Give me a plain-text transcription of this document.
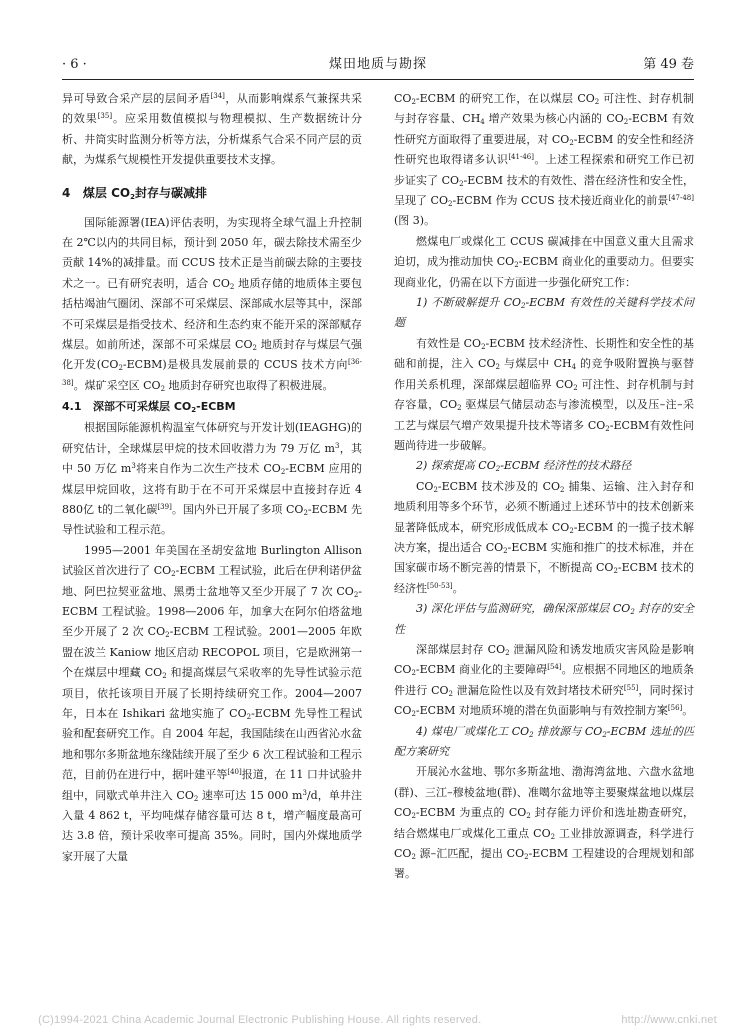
· 6 ·	煤田地质与勘探	第 49 卷

异可导致合采产层的层间矛盾[34]，从而影响煤系气兼探共采的效果[35]。应采用数值模拟与物理模拟、生产数据统计分析、井筒实时监测分析等方法，分析煤系气合采不同产层的贡献，为煤系气规模性开发提供重要技术支撑。

4 煤层 $CO_2$封存与碳减排

国际能源署(IEA)评估表明，为实现将全球气温上升控制在 2℃以内的共同目标，预计到 2050 年，碳去除技术需至少贡献 14%的减排量。而 CCUS 技术正是当前碳去除的主要技术之一。已有研究表明，适合 $CO_2$ 地质存储的地质体主要包括枯竭油气圈闭、深部不可采煤层、深部咸水层等其中，深部不可采煤层是指受技术、经济和生态约束不能开采的深部赋存煤层。如前所述，深部不可采煤层 $CO_2$ 地质封存与煤层气强化开发$(CO_2-ECBM)$是极具发展前景的 CCUS 技术方向[36-38]。煤矿采空区 $CO_2$ 地质封存研究也取得了积极进展。

4.1 深部不可采煤层 $CO_2$-ECBM

根据国际能源机构温室气体研究与开发计划(IEAGHG)的研究估计，全球煤层甲烷的技术回收潜力为 79 万亿 $m^3$，其中 50 万亿 $m^3$将来自作为二次生产技术 $CO_2$-ECBM 应用的煤层甲烷回收，这将有助于在不可开采煤层中直接封存近 4 880亿 t的二氧化碳[39]。国内外已开展了多项 $CO_2$-ECBM 先导性试验和工程示范。

1995—2001 年美国在圣胡安盆地 Burlington Allison 试验区首次进行了 $CO_2$-ECBM 工程试验，此后在伊利诺伊盆地、阿巴拉契亚盆地、黑勇士盆地等又至少开展了 7 次 $CO_2$-ECBM 工程试验。1998—2006 年，加拿大在阿尔伯塔盆地至少开展了 2 次 $CO_2$-ECBM 工程试验。2001—2005 年欧盟在波兰 Kaniow 地区启动 RECOPOL 项目，它是欧洲第一个在煤层中埋藏 $CO_2$ 和提高煤层气采收率的先导性试验示范项目，依托该项目开展了长期持续研究工作。2004—2007 年，日本在 Ishikari 盆地实施了 $CO_2$-ECBM 先导性工程试验和配套研究工作。自 2004 年起，我国陆续在山西省沁水盆地和鄂尔多斯盆地东缘陆续开展了至少 6 次工程试验和工程示范，目前仍在进行中，据叶建平等[40]报道，在 11 口井试验井组中，同歇式单井注入 $CO_2$ 速率可达 15 000 $m^3/d$，单井注入量 4 862 t，平均吨煤存储容量可达 8 t，增产幅度最高可达 3.8 倍，预计采收率可提高 35%。同时，国内外煤地质学家开展了大量

$CO_2$-ECBM 的研究工作，在以煤层 $CO_2$ 可注性、封存机制与封存容量、$CH_4$ 增产效果为核心内涵的 $CO_2$-ECBM 有效性研究方面取得了重要进展，对 $CO_2$-ECBM 的安全性和经济性研究也取得诸多认识[41-46]。上述工程探索和研究工作已初步证实了 $CO_2$-ECBM 技术的有效性、潜在经济性和安全性，呈现了 $CO_2$-ECBM 作为 CCUS 技术接近商业化的前景[47-48](图 3)。

燃煤电厂或煤化工 CCUS 碳减排在中国意义重大且需求迫切，成为推动加快 $CO_2$-ECBM 商业化的重要动力。但要实现商业化，仍需在以下方面进一步强化研究工作：

1) 不断破解提升 $CO_2$-ECBM 有效性的关键科学技术问题

有效性是 $CO_2$-ECBM 技术经济性、长期性和安全性的基础和前提，注入 $CO_2$ 与煤层中 $CH_4$ 的竞争吸附置换与驱替作用关系机理，深部煤层超临界 $CO_2$ 可注性、封存机制与封存容量，$CO_2$ 驱煤层气储层动态与渗流模型，以及压–注–采工艺与煤层气增产效果提升技术等诸多 $CO_2$-ECBM有效性问题尚待进一步破解。

2) 探索提高 $CO_2$-ECBM 经济性的技术路径

$CO_2$-ECBM 技术涉及的 $CO_2$ 捕集、运输、注入封存和地质利用等多个环节，必须不断通过上述环节中的技术创新来显著降低成本，研究形成低成本 $CO_2$-ECBM 的一揽子技术解决方案，提出适合 $CO_2$-ECBM 实施和推广的技术标准，并在国家碳市场不断完善的情景下，不断提高 $CO_2$-ECBM 技术的经济性[50-53]。

3) 深化评估与监测研究，确保深部煤层 $CO_2$ 封存的安全性

深部煤层封存 $CO_2$ 泄漏风险和诱发地质灾害风险是影响 $CO_2$-ECBM 商业化的主要障碍[54]。应根据不同地区的地质条件进行 $CO_2$ 泄漏危险性以及有效封堵技术研究[55]，同时探讨 $CO_2$-ECBM 对地质环境的潜在负面影响与有效控制方案[56]。

4) 煤电厂或煤化工 $CO_2$ 排放源与 $CO_2$-ECBM 选址的匹配方案研究

开展沁水盆地、鄂尔多斯盆地、渤海湾盆地、六盘水盆地(群)、三江–穆棱盆地(群)、准噶尔盆地等主要聚煤盆地以煤层 $CO_2$-ECBM 为重点的 $CO_2$ 封存能力评价和选址勘查研究，结合燃煤电厂或煤化工重点 $CO_2$ 工业排放源调查，科学进行 $CO_2$ 源–汇匹配，提出 $CO_2$-ECBM 工程建设的合理规划和部署。

(C)1994-2021 China Academic Journal Electronic Publishing House. All rights reserved.	http://www.cnki.net
